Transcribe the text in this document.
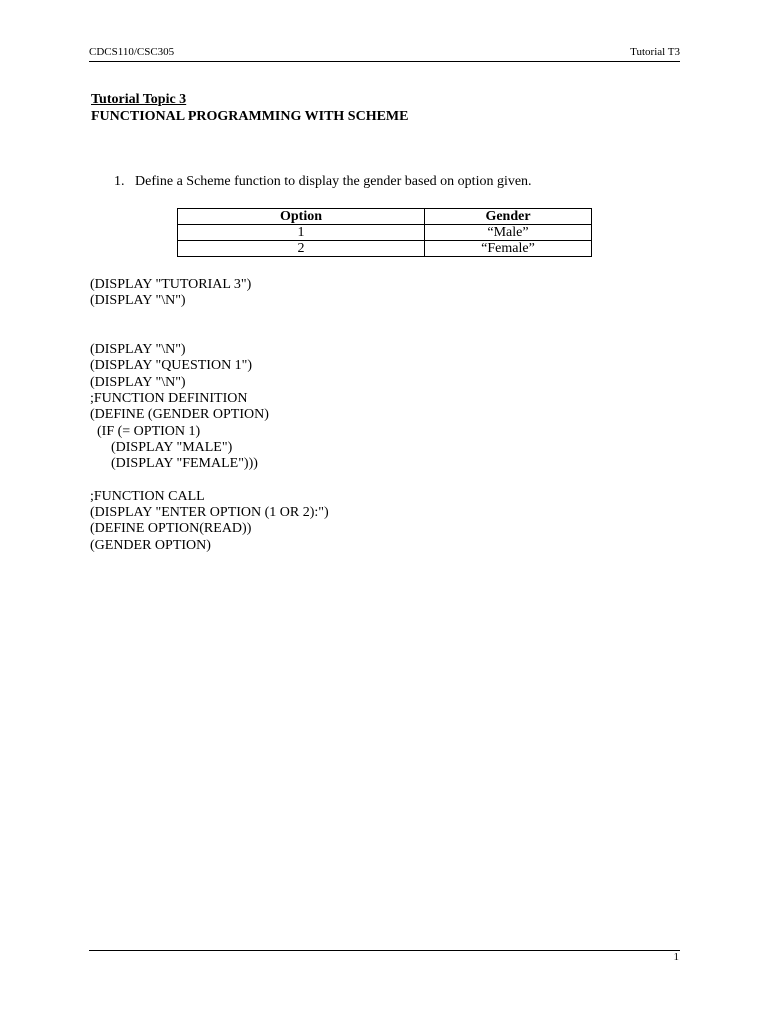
CDCS110/CSC305	Tutorial T3
Tutorial Topic 3
FUNCTIONAL PROGRAMMING WITH SCHEME
1. Define a Scheme function to display the gender based on option given.
Option	Gender
1	“Male”
2	“Female”
(DISPLAY "TUTORIAL 3")
(DISPLAY "\N")

(DISPLAY "\N")
(DISPLAY "QUESTION 1")
(DISPLAY "\N")
;FUNCTION DEFINITION
(DEFINE (GENDER OPTION)
(IF (= OPTION 1)
(DISPLAY "MALE")
(DISPLAY "FEMALE")))

;FUNCTION CALL
(DISPLAY "ENTER OPTION (1 OR 2):")
(DEFINE OPTION(READ))
(GENDER OPTION)
1
